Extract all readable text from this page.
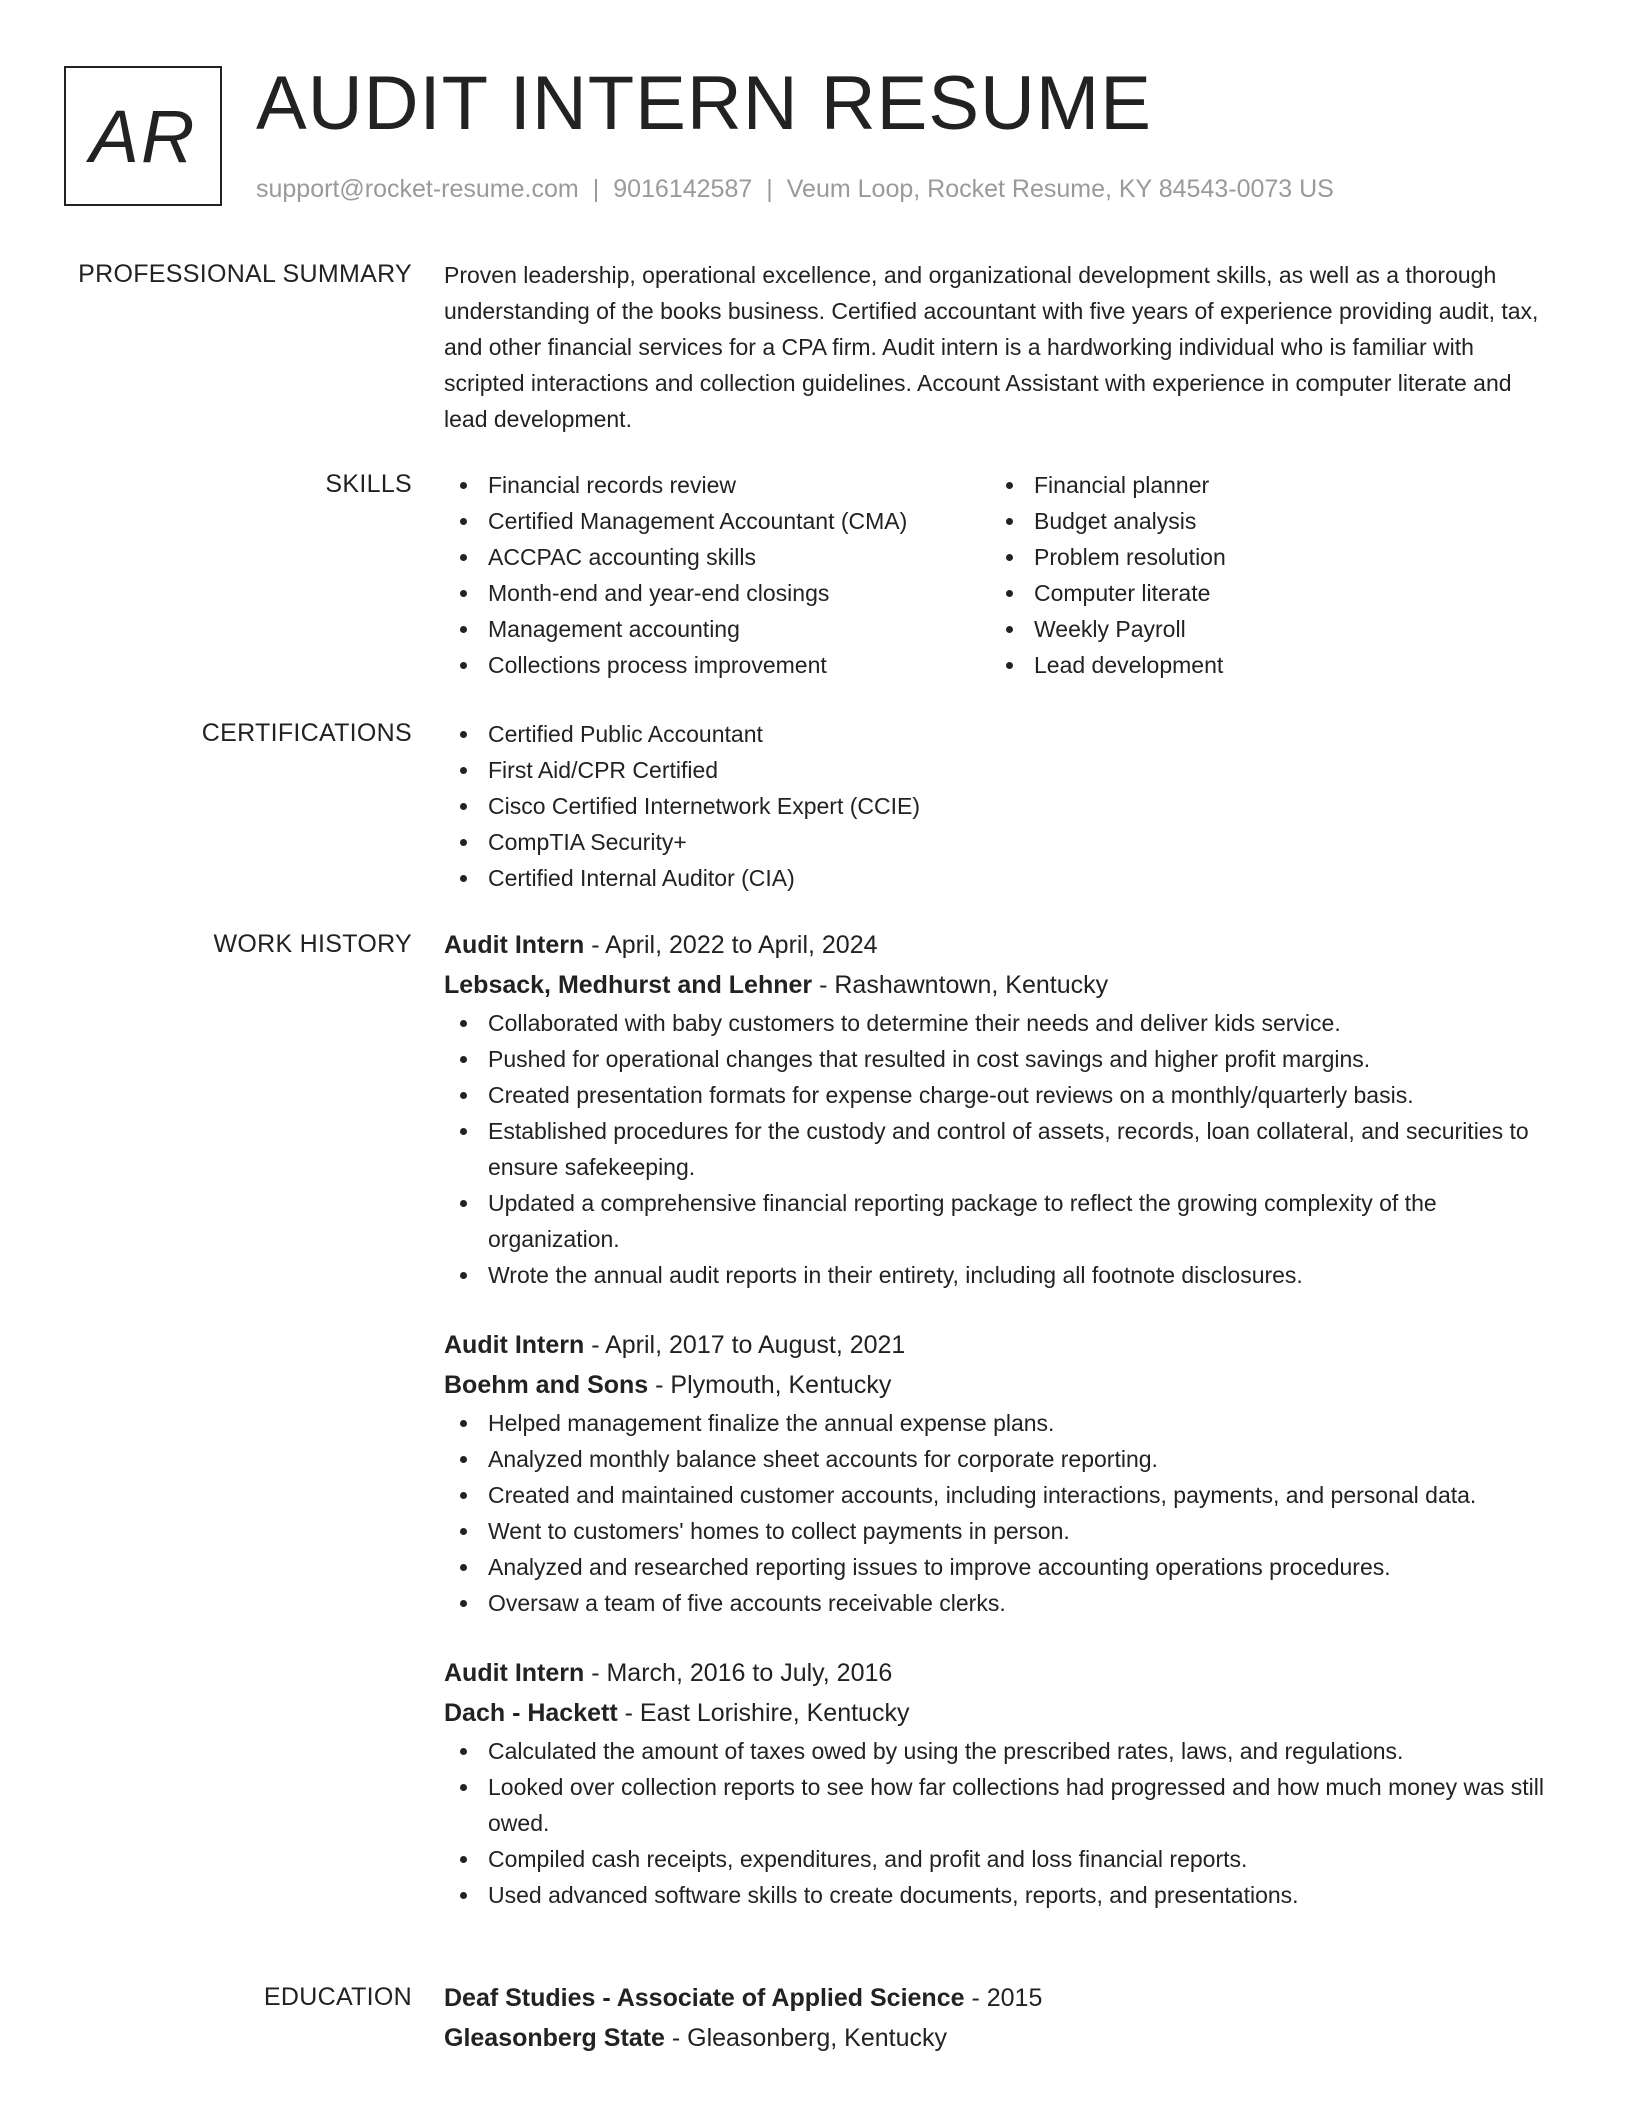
AR AUDIT INTERN RESUME
support@rocket-resume.com | 9016142587 | Veum Loop, Rocket Resume, KY 84543-0073 US
PROFESSIONAL SUMMARY Proven leadership, operational excellence, and organizational development skills, as well as a thorough understanding of the books business. Certified accountant with five years of experience providing audit, tax, and other financial services for a CPA firm. Audit intern is a hardworking individual who is familiar with scripted interactions and collection guidelines. Account Assistant with experience in computer literate and lead development.

SKILLS	Financial records review
Certified Management Accountant (CMA)
ACCPAC accounting skills
Month-end and year-end closings
Management accounting
Collections process improvement
Financial planner
Budget analysis
Problem resolution
Computer literate
Weekly Payroll
Lead development
CERTIFICATIONS	Certified Public Accountant
First Aid/CPR Certified
Cisco Certified Internetwork Expert (CCIE)
CompTIA Security+
Certified Internal Auditor (CIA)
WORK HISTORY Audit Intern - April, 2022 to April, 2024
Lebsack, Medhurst and Lehner - Rashawntown, Kentucky
Collaborated with baby customers to determine their needs and deliver kids service.
Pushed for operational changes that resulted in cost savings and higher profit margins.
Created presentation formats for expense charge-out reviews on a monthly/quarterly basis.
Established procedures for the custody and control of assets, records, loan collateral, and securities to ensure safekeeping.
Updated a comprehensive financial reporting package to reflect the growing complexity of the organization.
Wrote the annual audit reports in their entirety, including all footnote disclosures.
Audit Intern - April, 2017 to August, 2021
Boehm and Sons - Plymouth, Kentucky
Helped management finalize the annual expense plans.
Analyzed monthly balance sheet accounts for corporate reporting.
Created and maintained customer accounts, including interactions, payments, and personal data.
Went to customers' homes to collect payments in person.
Analyzed and researched reporting issues to improve accounting operations procedures.
Oversaw a team of five accounts receivable clerks.
Audit Intern - March, 2016 to July, 2016
Dach - Hackett - East Lorishire, Kentucky
Calculated the amount of taxes owed by using the prescribed rates, laws, and regulations.
Looked over collection reports to see how far collections had progressed and how much money was still owed.
Compiled cash receipts, expenditures, and profit and loss financial reports.
Used advanced software skills to create documents, reports, and presentations.
EDUCATION Deaf Studies - Associate of Applied Science - 2015
Gleasonberg State - Gleasonberg, Kentucky
